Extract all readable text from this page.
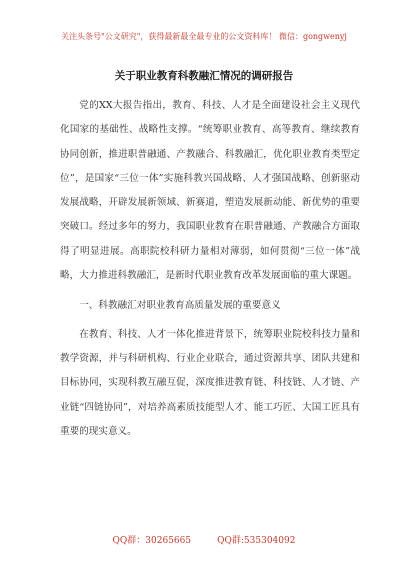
关注头条号"公文研究"，获得最新最全最专业的公文资料库！ 微信：gongwenyj
关于职业教育科教融汇情况的调研报告

党的XX大报告指出，教育、科技、人才是全面建设社会主义现代化国家的基础性、战略性支撑。“统筹职业教育、高等教育、继续教育协同创新，推进职普融通、产教融合、科教融汇，优化职业教育类型定位”，是国家“三位一体”实施科教兴国战略、人才强国战略、创新驱动发展战略，开辟发展新领域、新赛道，塑造发展新动能、新优势的重要突破口。经过多年的努力，我国职业教育在职普融通、产教融合方面取得了明显进展。高职院校科研力量相对薄弱，如何贯彻“三位一体”战略，大力推进科教融汇，是新时代职业教育改革发展面临的重大课题。

一、科教融汇对职业教育高质量发展的重要意义

在教育、科技、人才一体化推进背景下，统筹职业院校科技力量和教学资源，并与科研机构、行业企业联合，通过资源共享、团队共建和目标协同，实现科教互融互促，深度推进教育链、科技链、人才链、产业链“四链协同”，对培养高素质技能型人才、能工巧匠、大国工匠具有重要的现实意义。

QQ群：30265665	QQ群:535304092
